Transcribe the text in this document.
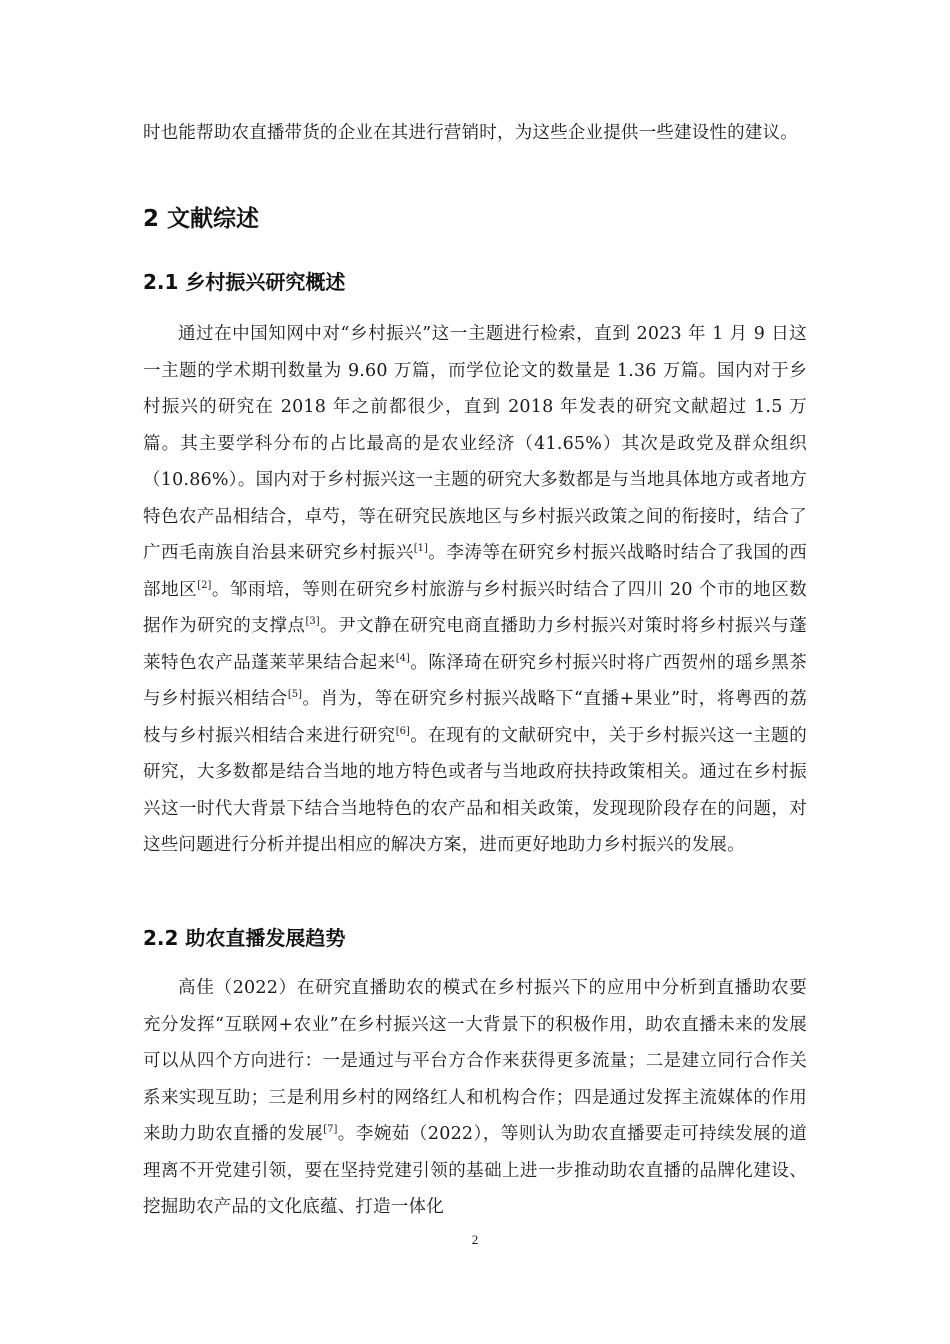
时也能帮助农直播带货的企业在其进行营销时，为这些企业提供一些建设性的建议。

2 文献综述
2.1 乡村振兴研究概述

通过在中国知网中对“乡村振兴”这一主题进行检索，直到 2023 年 1 月 9 日这一主题的学术期刊数量为 9.60 万篇，而学位论文的数量是 1.36 万篇。国内对于乡村振兴的研究在 2018 年之前都很少，直到 2018 年发表的研究文献超过 1.5 万篇。其主要学科分布的占比最高的是农业经济（41.65%）其次是政党及群众组织（10.86%）。国内对于乡村振兴这一主题的研究大多数都是与当地具体地方或者地方特色农产品相结合，卓芍，等在研究民族地区与乡村振兴政策之间的衔接时，结合了广西毛南族自治县来研究乡村振兴[1]。李涛等在研究乡村振兴战略时结合了我国的西部地区[2]。邹雨培，等则在研究乡村旅游与乡村振兴时结合了四川 20 个市的地区数据作为研究的支撑点[3]。尹文静在研究电商直播助力乡村振兴对策时将乡村振兴与蓬莱特色农产品蓬莱苹果结合起来[4]。陈泽琦在研究乡村振兴时将广西贺州的瑶乡黑茶与乡村振兴相结合[5]。肖为，等在研究乡村振兴战略下“直播+果业”时，将粤西的荔枝与乡村振兴相结合来进行研究[6]。在现有的文献研究中，关于乡村振兴这一主题的研究，大多数都是结合当地的地方特色或者与当地政府扶持政策相关。通过在乡村振兴这一时代大背景下结合当地特色的农产品和相关政策，发现现阶段存在的问题，对这些问题进行分析并提出相应的解决方案，进而更好地助力乡村振兴的发展。

2.2 助农直播发展趋势

高佳（2022）在研究直播助农的模式在乡村振兴下的应用中分析到直播助农要充分发挥“互联网+农业”在乡村振兴这一大背景下的积极作用，助农直播未来的发展可以从四个方向进行：一是通过与平台方合作来获得更多流量；二是建立同行合作关系来实现互助；三是利用乡村的网络红人和机构合作；四是通过发挥主流媒体的作用来助力助农直播的发展[7]。李婉茹（2022），等则认为助农直播要走可持续发展的道理离不开党建引领，要在坚持党建引领的基础上进一步推动助农直播的品牌化建设、挖掘助农产品的文化底蕴、打造一体化

2
